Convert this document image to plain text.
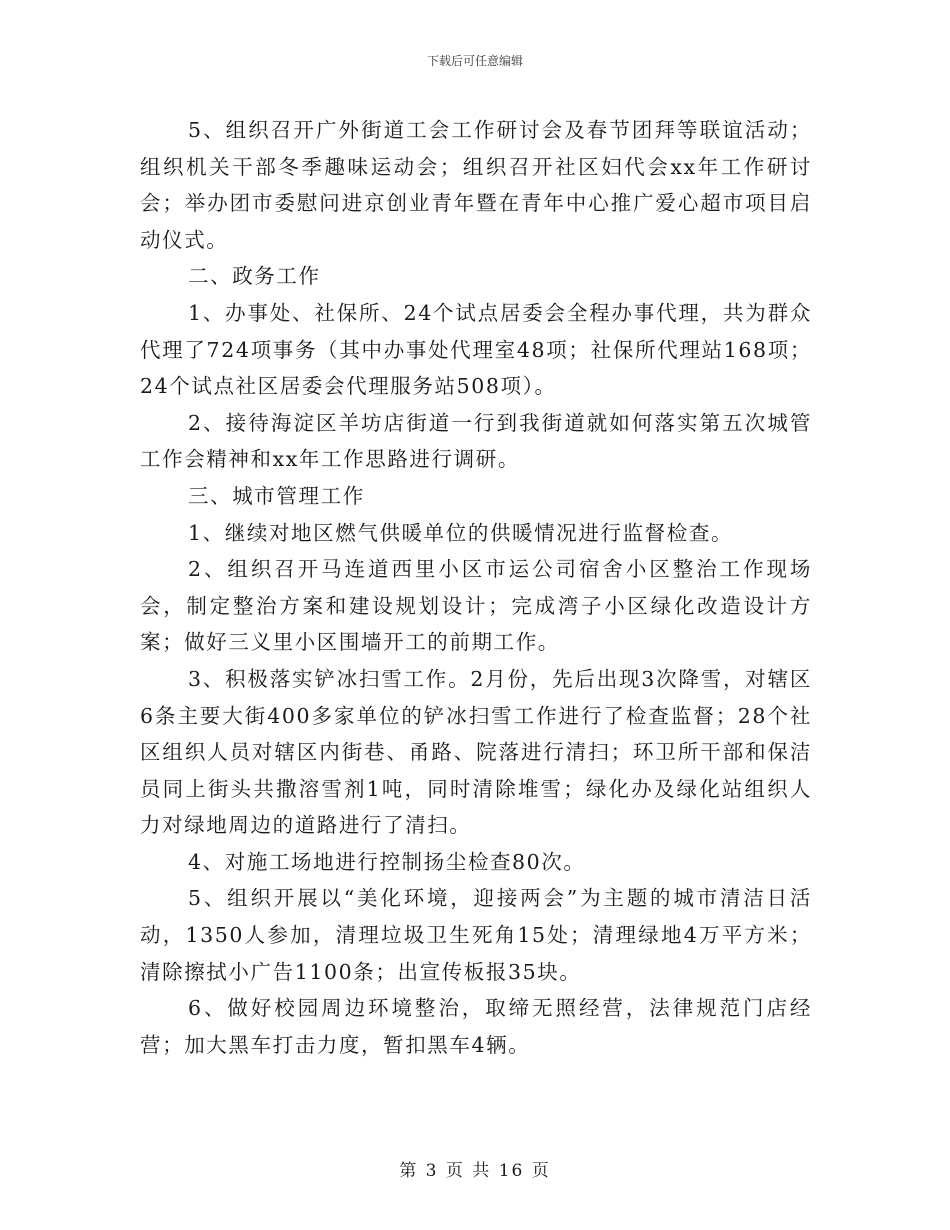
下载后可任意编辑

5、组织召开广外街道工会工作研讨会及春节团拜等联谊活动；组织机关干部冬季趣味运动会；组织召开社区妇代会xx年工作研讨会；举办团市委慰问进京创业青年暨在青年中心推广爱心超市项目启动仪式。

二、政务工作

1、办事处、社保所、24个试点居委会全程办事代理，共为群众代理了724项事务（其中办事处代理室48项；社保所代理站168项；24个试点社区居委会代理服务站508项）。

2、接待海淀区羊坊店街道一行到我街道就如何落实第五次城管工作会精神和xx年工作思路进行调研。

三、城市管理工作

1、继续对地区燃气供暖单位的供暖情况进行监督检查。

2、组织召开马连道西里小区市运公司宿舍小区整治工作现场会，制定整治方案和建设规划设计；完成湾子小区绿化改造设计方案；做好三义里小区围墙开工的前期工作。

3、积极落实铲冰扫雪工作。2月份，先后出现3次降雪，对辖区6条主要大街400多家单位的铲冰扫雪工作进行了检查监督；28个社区组织人员对辖区内街巷、甬路、院落进行清扫；环卫所干部和保洁员同上街头共撒溶雪剂1吨，同时清除堆雪；绿化办及绿化站组织人力对绿地周边的道路进行了清扫。

4、对施工场地进行控制扬尘检查80次。

5、组织开展以“美化环境，迎接两会”为主题的城市清洁日活动，1350人参加，清理垃圾卫生死角15处；清理绿地4万平方米；清除擦拭小广告1100条；出宣传板报35块。

6、做好校园周边环境整治，取缔无照经营，法律规范门店经营；加大黑车打击力度，暂扣黑车4辆。

第 3 页 共 16 页
